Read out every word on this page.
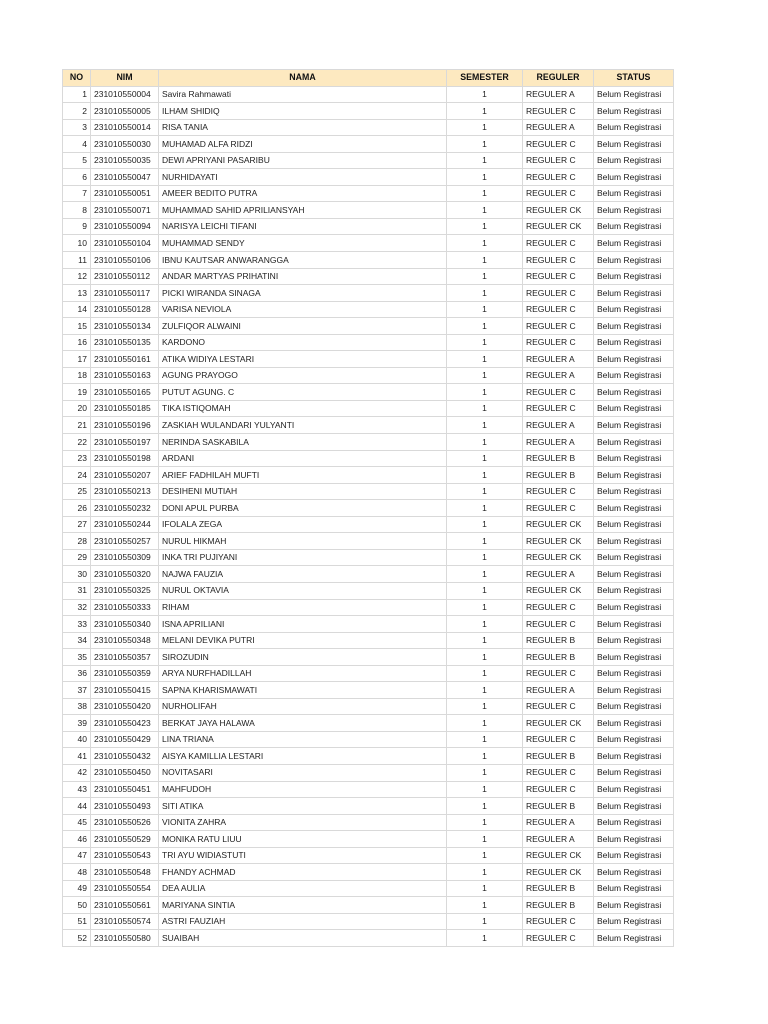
NO	NIM	NAMA	SEMESTER	REGULER	STATUS
1	231010550004	Savira Rahmawati	1	REGULER A	Belum Registrasi
2	231010550005	ILHAM SHIDIQ	1	REGULER C	Belum Registrasi
3	231010550014	RISA TANIA	1	REGULER A	Belum Registrasi
4	231010550030	MUHAMAD ALFA RIDZI	1	REGULER C	Belum Registrasi
5	231010550035	DEWI APRIYANI PASARIBU	1	REGULER C	Belum Registrasi
6	231010550047	NURHIDAYATI	1	REGULER C	Belum Registrasi
7	231010550051	AMEER BEDITO PUTRA	1	REGULER C	Belum Registrasi
8	231010550071	MUHAMMAD SAHID APRILIANSYAH	1	REGULER CK	Belum Registrasi
9	231010550094	NARISYA LEICHI TIFANI	1	REGULER CK	Belum Registrasi
10	231010550104	MUHAMMAD SENDY	1	REGULER C	Belum Registrasi
11	231010550106	IBNU KAUTSAR ANWARANGGA	1	REGULER C	Belum Registrasi
12	231010550112	ANDAR MARTYAS PRIHATINI	1	REGULER C	Belum Registrasi
13	231010550117	PICKI WIRANDA SINAGA	1	REGULER C	Belum Registrasi
14	231010550128	VARISA NEVIOLA	1	REGULER C	Belum Registrasi
15	231010550134	ZULFIQOR ALWAINI	1	REGULER C	Belum Registrasi
16	231010550135	KARDONO	1	REGULER C	Belum Registrasi
17	231010550161	ATIKA WIDIYA LESTARI	1	REGULER A	Belum Registrasi
18	231010550163	AGUNG PRAYOGO	1	REGULER A	Belum Registrasi
19	231010550165	PUTUT AGUNG. C	1	REGULER C	Belum Registrasi
20	231010550185	TIKA ISTIQOMAH	1	REGULER C	Belum Registrasi
21	231010550196	ZASKIAH WULANDARI YULYANTI	1	REGULER A	Belum Registrasi
22	231010550197	NERINDA SASKABILA	1	REGULER A	Belum Registrasi
23	231010550198	ARDANI	1	REGULER B	Belum Registrasi
24	231010550207	ARIEF FADHILAH MUFTI	1	REGULER B	Belum Registrasi
25	231010550213	DESIHENI MUTIAH	1	REGULER C	Belum Registrasi
26	231010550232	DONI APUL PURBA	1	REGULER C	Belum Registrasi
27	231010550244	IFOLALA ZEGA	1	REGULER CK	Belum Registrasi
28	231010550257	NURUL HIKMAH	1	REGULER CK	Belum Registrasi
29	231010550309	INKA TRI PUJIYANI	1	REGULER CK	Belum Registrasi
30	231010550320	NAJWA FAUZIA	1	REGULER A	Belum Registrasi
31	231010550325	NURUL OKTAVIA	1	REGULER CK	Belum Registrasi
32	231010550333	RIHAM	1	REGULER C	Belum Registrasi
33	231010550340	ISNA APRILIANI	1	REGULER C	Belum Registrasi
34	231010550348	MELANI DEVIKA PUTRI	1	REGULER B	Belum Registrasi
35	231010550357	SIROZUDIN	1	REGULER B	Belum Registrasi
36	231010550359	ARYA NURFHADILLAH	1	REGULER C	Belum Registrasi
37	231010550415	SAPNA KHARISMAWATI	1	REGULER A	Belum Registrasi
38	231010550420	NURHOLIFAH	1	REGULER C	Belum Registrasi
39	231010550423	BERKAT JAYA HALAWA	1	REGULER CK	Belum Registrasi
40	231010550429	LINA TRIANA	1	REGULER C	Belum Registrasi
41	231010550432	AISYA KAMILLIA LESTARI	1	REGULER B	Belum Registrasi
42	231010550450	NOVITASARI	1	REGULER C	Belum Registrasi
43	231010550451	MAHFUDOH	1	REGULER C	Belum Registrasi
44	231010550493	SITI ATIKA	1	REGULER B	Belum Registrasi
45	231010550526	VIONITA ZAHRA	1	REGULER A	Belum Registrasi
46	231010550529	MONIKA RATU LIUU	1	REGULER A	Belum Registrasi
47	231010550543	TRI AYU WIDIASTUTI	1	REGULER CK	Belum Registrasi
48	231010550548	FHANDY ACHMAD	1	REGULER CK	Belum Registrasi
49	231010550554	DEA AULIA	1	REGULER B	Belum Registrasi
50	231010550561	MARIYANA SINTIA	1	REGULER B	Belum Registrasi
51	231010550574	ASTRI FAUZIAH	1	REGULER C	Belum Registrasi
52	231010550580	SUAIBAH	1	REGULER C	Belum Registrasi
